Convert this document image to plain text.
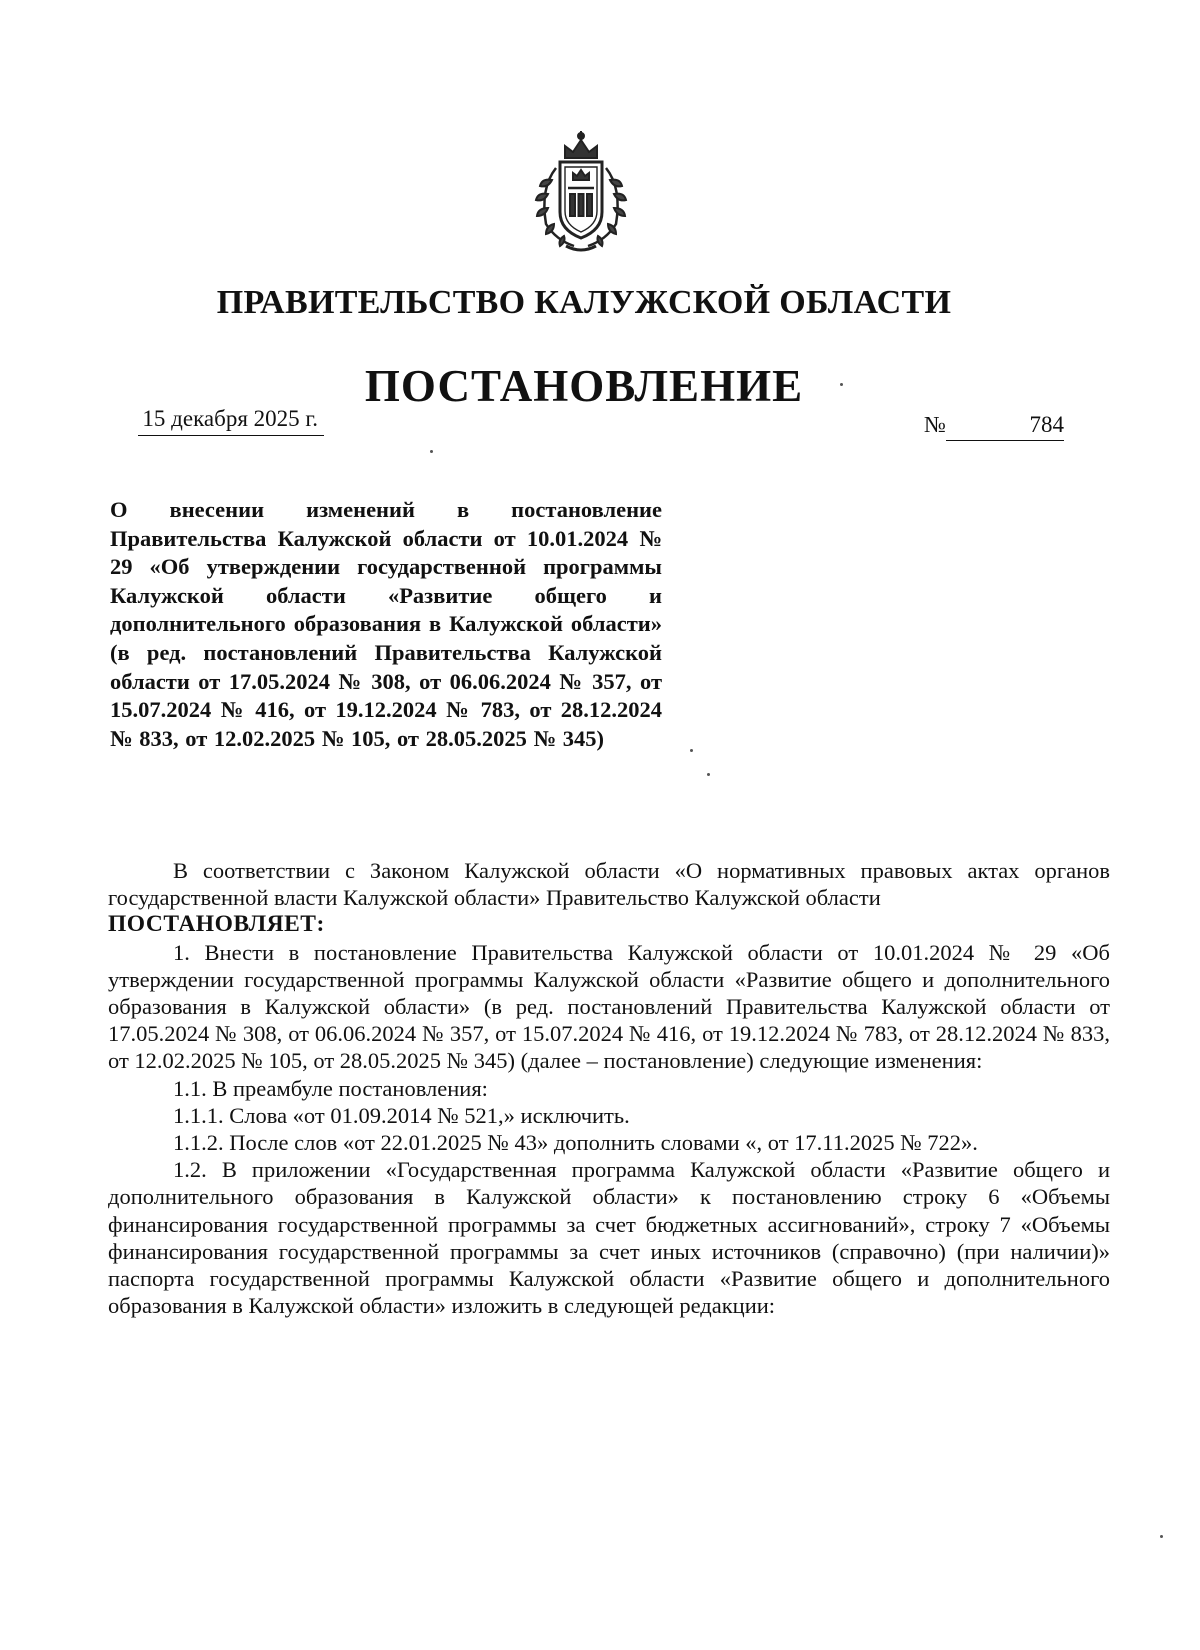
ПРАВИТЕЛЬСТВО КАЛУЖСКОЙ ОБЛАСТИ
ПОСТАНОВЛЕНИЕ
15 декабря 2025 г.	№	784
О внесении изменений в постановление Правительства Калужской области от 10.01.2024 № 29 «Об утверждении государственной программы Калужской области «Развитие общего и дополнительного образования в Калужской области» (в ред. постановлений Правительства Калужской области от 17.05.2024 № 308, от 06.06.2024 № 357, от 15.07.2024 № 416, от 19.12.2024 № 783, от 28.12.2024 № 833, от 12.02.2025 № 105, от 28.05.2025 № 345)

В соответствии с Законом Калужской области «О нормативных правовых актах органов государственной власти Калужской области» Правительство Калужской области

ПОСТАНОВЛЯЕТ:

1. Внести в постановление Правительства Калужской области от 10.01.2024 № 29 «Об утверждении государственной программы Калужской области «Развитие общего и дополнительного образования в Калужской области» (в ред. постановлений Правительства Калужской области от 17.05.2024 № 308, от 06.06.2024 № 357, от 15.07.2024 № 416, от 19.12.2024 № 783, от 28.12.2024 № 833, от 12.02.2025 № 105, от 28.05.2025 № 345) (далее – постановление) следующие изменения:

1.1. В преамбуле постановления:

1.1.1. Слова «от 01.09.2014 № 521,» исключить.

1.1.2. После слов «от 22.01.2025 № 43» дополнить словами «, от 17.11.2025 № 722».

1.2. В приложении «Государственная программа Калужской области «Развитие общего и дополнительного образования в Калужской области» к постановлению строку 6 «Объемы финансирования государственной программы за счет бюджетных ассигнований», строку 7 «Объемы финансирования государственной программы за счет иных источников (справочно) (при наличии)» паспорта государственной программы Калужской области «Развитие общего и дополнительного образования в Калужской области» изложить в следующей редакции:
